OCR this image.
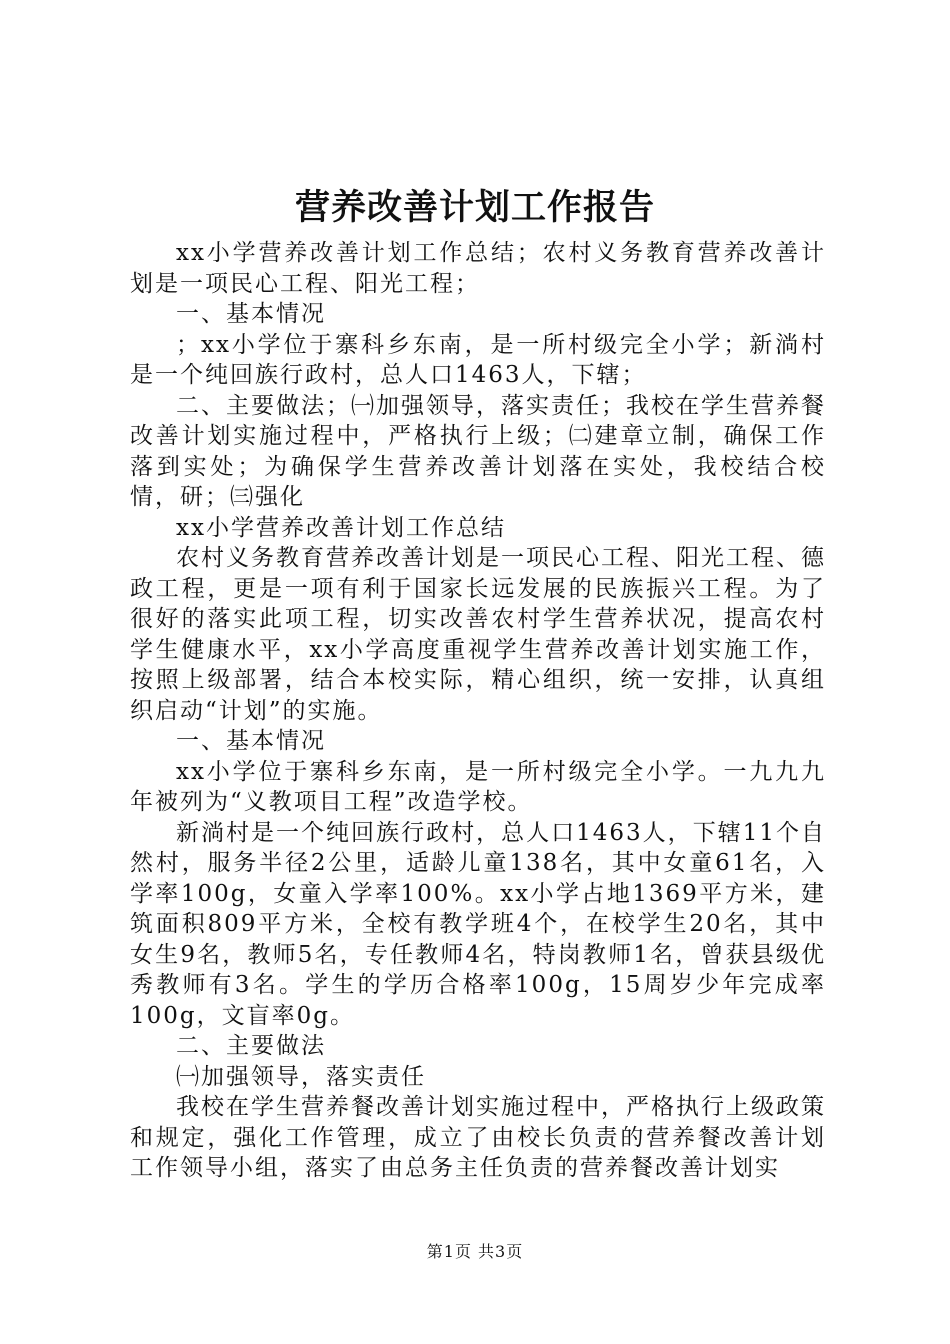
营养改善计划工作报告

xx小学营养改善计划工作总结；农村义务教育营养改善计划是一项民心工程、阳光工程；

一、基本情况

；xx小学位于寨科乡东南，是一所村级完全小学；新淌村是一个纯回族行政村，总人口1463人，下辖；

二、主要做法；㈠加强领导，落实责任；我校在学生营养餐改善计划实施过程中，严格执行上级；㈡建章立制，确保工作落到实处；为确保学生营养改善计划落在实处，我校结合校情，研；㈢强化

xx小学营养改善计划工作总结

农村义务教育营养改善计划是一项民心工程、阳光工程、德政工程，更是一项有利于国家长远发展的民族振兴工程。为了很好的落实此项工程，切实改善农村学生营养状况，提高农村学生健康水平，xx小学高度重视学生营养改善计划实施工作，按照上级部署，结合本校实际，精心组织，统一安排，认真组织启动“计划”的实施。

一、基本情况

xx小学位于寨科乡东南，是一所村级完全小学。一九九九年被列为“义教项目工程”改造学校。

新淌村是一个纯回族行政村，总人口1463人，下辖11个自然村，服务半径2公里，适龄儿童138名，其中女童61名，入学率100g，女童入学率100%。xx小学占地1369平方米，建筑面积809平方米，全校有教学班4个，在校学生20名，其中女生9名，教师5名，专任教师4名，特岗教师1名，曾获县级优秀教师有3名。学生的学历合格率100g，15周岁少年完成率100g，文盲率0g。

二、主要做法

㈠加强领导，落实责任

我校在学生营养餐改善计划实施过程中，严格执行上级政策和规定，强化工作管理，成立了由校长负责的营养餐改善计划工作领导小组，落实了由总务主任负责的营养餐改善计划实

第1页 共3页
